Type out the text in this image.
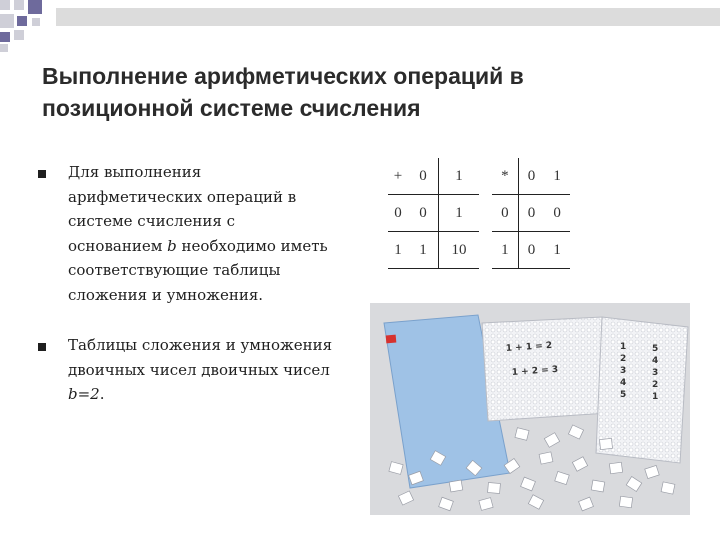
Выполнение арифметических операций в
позиционной системе счисления
Для выполнения арифметических операций в системе счисления с основанием b необходимо иметь соответствующие таблицы сложения и умножения.
Таблицы сложения и умножения двоичных чисел двоичных чисел b=2.
+	0	1
0	0	1
1	1	10
*	0	1
0	0	0
1	0	1
1 + 1 = 2
1 + 2 = 3
1
2
3
4
5
5
4
3
2
1
